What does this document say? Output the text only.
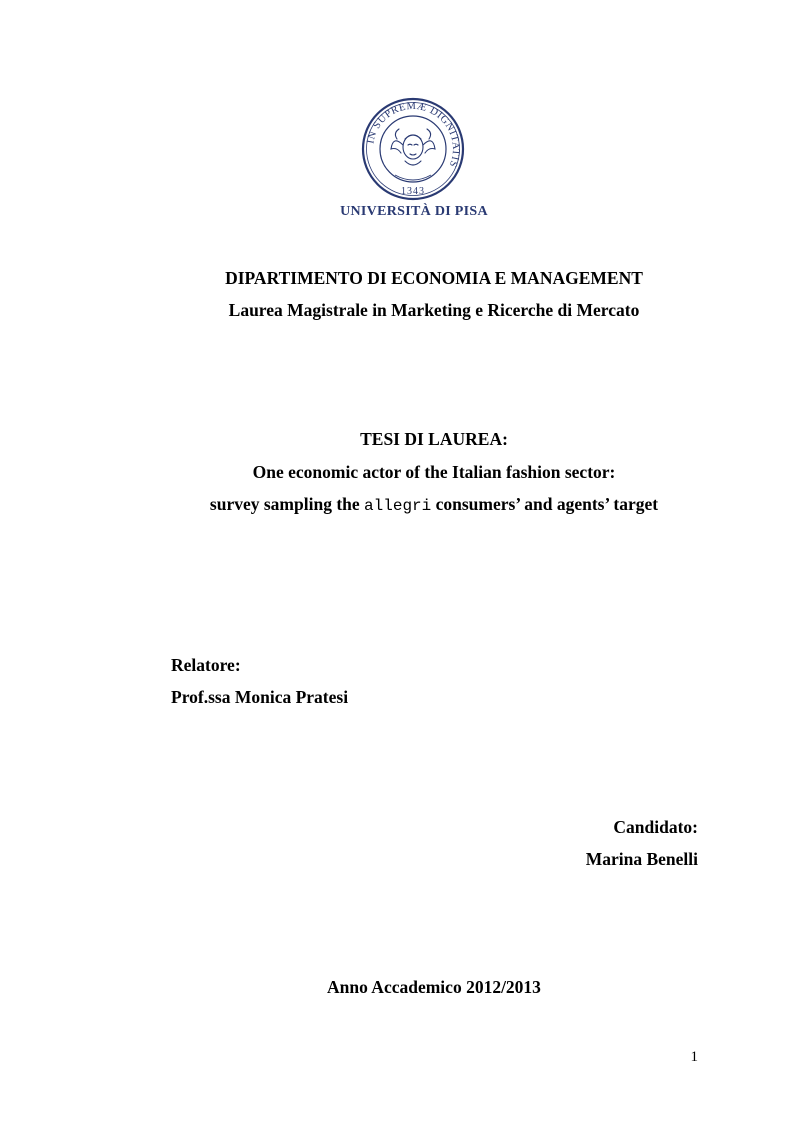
IN SUPREMÆ DIGNITATIS
1343
UNIVERSITÀ DI PISA
DIPARTIMENTO DI ECONOMIA E MANAGEMENT
Laurea Magistrale in Marketing e Ricerche di Mercato
TESI DI LAUREA:
One economic actor of the Italian fashion sector:
survey sampling the allegri consumers’ and agents’ target
Relatore:
Prof.ssa Monica Pratesi
Candidato:
Marina Benelli
Anno Accademico 2012/2013
1
